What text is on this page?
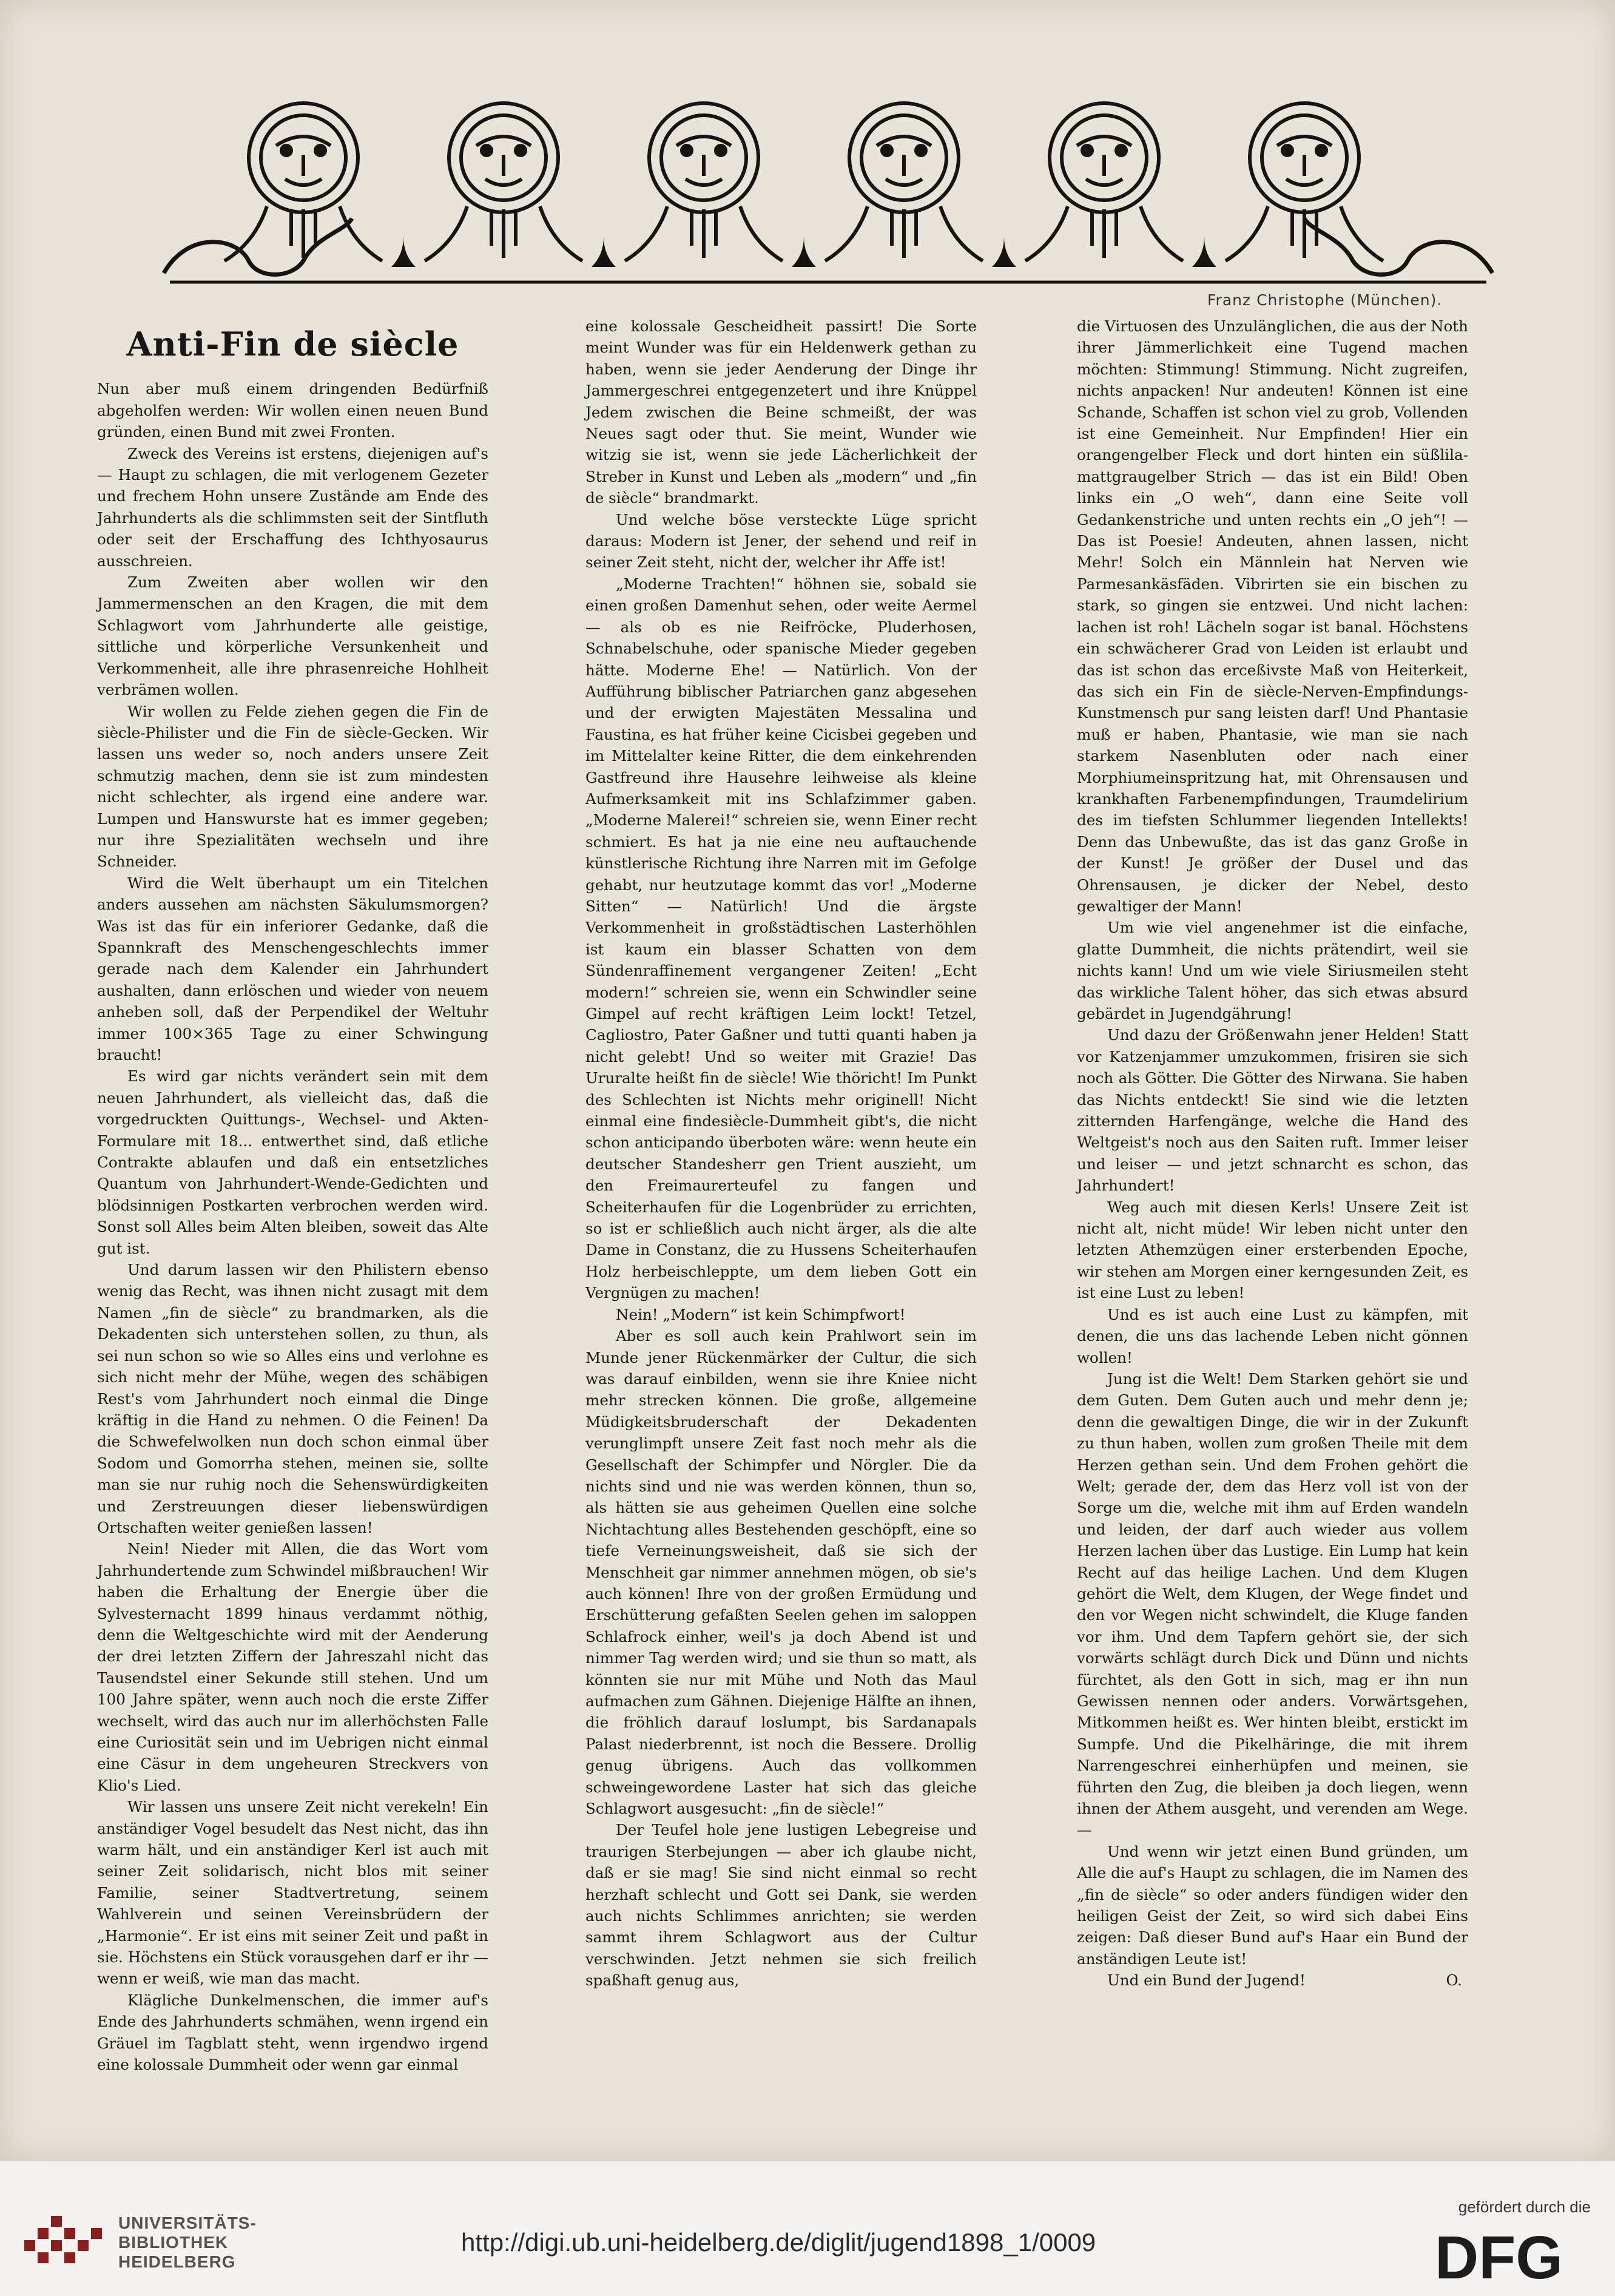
Franz Christophe (München).
Anti-Fin de siècle

Nun aber muß einem dringenden Bedürfniß abgeholfen werden: Wir wollen einen neuen Bund gründen, einen Bund mit zwei Fronten.

Zweck des Vereins ist erstens, diejenigen auf's — Haupt zu schlagen, die mit verlogenem Gezeter und frechem Hohn unsere Zustände am Ende des Jahrhunderts als die schlimmsten seit der Sintfluth oder seit der Erschaffung des Ichthyosaurus ausschreien.

Zum Zweiten aber wollen wir den Jammermenschen an den Kragen, die mit dem Schlagwort vom Jahrhunderte alle geistige, sittliche und körperliche Versunkenheit und Verkommenheit, alle ihre phrasenreiche Hohlheit verbrämen wollen.

Wir wollen zu Felde ziehen gegen die Fin de siècle-Philister und die Fin de siècle-Gecken. Wir lassen uns weder so, noch anders unsere Zeit schmutzig machen, denn sie ist zum mindesten nicht schlechter, als irgend eine andere war. Lumpen und Hanswurste hat es immer gegeben; nur ihre Spezialitäten wechseln und ihre Schneider.

Wird die Welt überhaupt um ein Titelchen anders aussehen am nächsten Säkulumsmorgen? Was ist das für ein inferiorer Gedanke, daß die Spannkraft des Menschengeschlechts immer gerade nach dem Kalender ein Jahrhundert aushalten, dann erlöschen und wieder von neuem anheben soll, daß der Perpendikel der Weltuhr immer 100×365 Tage zu einer Schwingung braucht!

Es wird gar nichts verändert sein mit dem neuen Jahrhundert, als vielleicht das, daß die vorgedruckten Quittungs-, Wechsel- und Akten-Formulare mit 18... entwerthet sind, daß etliche Contrakte ablaufen und daß ein entsetzliches Quantum von Jahrhundert-Wende-Gedichten und blödsinnigen Postkarten verbrochen werden wird. Sonst soll Alles beim Alten bleiben, soweit das Alte gut ist.

Und darum lassen wir den Philistern ebenso wenig das Recht, was ihnen nicht zusagt mit dem Namen „fin de siècle“ zu brandmarken, als die Dekadenten sich unterstehen sollen, zu thun, als sei nun schon so wie so Alles eins und verlohne es sich nicht mehr der Mühe, wegen des schäbigen Rest's vom Jahrhundert noch einmal die Dinge kräftig in die Hand zu nehmen. O die Feinen! Da die Schwefelwolken nun doch schon einmal über Sodom und Gomorrha stehen, meinen sie, sollte man sie nur ruhig noch die Sehenswürdigkeiten und Zerstreuungen dieser liebenswürdigen Ortschaften weiter genießen lassen!

Nein! Nieder mit Allen, die das Wort vom Jahrhundertende zum Schwindel mißbrauchen! Wir haben die Erhaltung der Energie über die Sylvesternacht 1899 hinaus verdammt nöthig, denn die Weltgeschichte wird mit der Aenderung der drei letzten Ziffern der Jahreszahl nicht das Tausendstel einer Sekunde still stehen. Und um 100 Jahre später, wenn auch noch die erste Ziffer wechselt, wird das auch nur im allerhöchsten Falle eine Curiosität sein und im Uebrigen nicht einmal eine Cäsur in dem ungeheuren Streckvers von Klio's Lied.

Wir lassen uns unsere Zeit nicht verekeln! Ein anständiger Vogel besudelt das Nest nicht, das ihn warm hält, und ein anständiger Kerl ist auch mit seiner Zeit solidarisch, nicht blos mit seiner Familie, seiner Stadtvertretung, seinem Wahlverein und seinen Vereinsbrüdern der „Harmonie“. Er ist eins mit seiner Zeit und paßt in sie. Höchstens ein Stück vorausgehen darf er ihr — wenn er weiß, wie man das macht.

Klägliche Dunkelmenschen, die immer auf's Ende des Jahrhunderts schmähen, wenn irgend ein Gräuel im Tagblatt steht, wenn irgendwo irgend eine kolossale Dummheit oder wenn gar einmal

eine kolossale Gescheidheit passirt! Die Sorte meint Wunder was für ein Heldenwerk gethan zu haben, wenn sie jeder Aenderung der Dinge ihr Jammergeschrei entgegenzetert und ihre Knüppel Jedem zwischen die Beine schmeißt, der was Neues sagt oder thut. Sie meint, Wunder wie witzig sie ist, wenn sie jede Lächerlichkeit der Streber in Kunst und Leben als „modern“ und „fin de siècle“ brandmarkt.

Und welche böse versteckte Lüge spricht daraus: Modern ist Jener, der sehend und reif in seiner Zeit steht, nicht der, welcher ihr Affe ist!

„Moderne Trachten!“ höhnen sie, sobald sie einen großen Damenhut sehen, oder weite Aermel — als ob es nie Reifröcke, Pluderhosen, Schnabelschuhe, oder spanische Mieder gegeben hätte. Moderne Ehe! — Natürlich. Von der Aufführung biblischer Patriarchen ganz abgesehen und der erwigten Majestäten Messalina und Faustina, es hat früher keine Cicisbei gegeben und im Mittelalter keine Ritter, die dem einkehrenden Gastfreund ihre Hausehre leihweise als kleine Aufmerksamkeit mit ins Schlafzimmer gaben. „Moderne Malerei!“ schreien sie, wenn Einer recht schmiert. Es hat ja nie eine neu auftauchende künstlerische Richtung ihre Narren mit im Gefolge gehabt, nur heutzutage kommt das vor! „Moderne Sitten“ — Natürlich! Und die ärgste Verkommenheit in großstädtischen Lasterhöhlen ist kaum ein blasser Schatten von dem Sündenraffinement vergangener Zeiten! „Echt modern!“ schreien sie, wenn ein Schwindler seine Gimpel auf recht kräftigen Leim lockt! Tetzel, Cagliostro, Pater Gaßner und tutti quanti haben ja nicht gelebt! Und so weiter mit Grazie! Das Ururalte heißt fin de siècle! Wie thöricht! Im Punkt des Schlechten ist Nichts mehr originell! Nicht einmal eine findesiècle-Dummheit gibt's, die nicht schon anticipando überboten wäre: wenn heute ein deutscher Standesherr gen Trient auszieht, um den Freimaurerteufel zu fangen und Scheiterhaufen für die Logenbrüder zu errichten, so ist er schließlich auch nicht ärger, als die alte Dame in Constanz, die zu Hussens Scheiterhaufen Holz herbeischleppte, um dem lieben Gott ein Vergnügen zu machen!

Nein! „Modern“ ist kein Schimpfwort!

Aber es soll auch kein Prahlwort sein im Munde jener Rückenmärker der Cultur, die sich was darauf einbilden, wenn sie ihre Kniee nicht mehr strecken können. Die große, allgemeine Müdigkeitsbruderschaft der Dekadenten verunglimpft unsere Zeit fast noch mehr als die Gesellschaft der Schimpfer und Nörgler. Die da nichts sind und nie was werden können, thun so, als hätten sie aus geheimen Quellen eine solche Nichtachtung alles Bestehenden geschöpft, eine so tiefe Verneinungsweisheit, daß sie sich der Menschheit gar nimmer annehmen mögen, ob sie's auch können! Ihre von der großen Ermüdung und Erschütterung gefaßten Seelen gehen im saloppen Schlafrock einher, weil's ja doch Abend ist und nimmer Tag werden wird; und sie thun so matt, als könnten sie nur mit Mühe und Noth das Maul aufmachen zum Gähnen. Diejenige Hälfte an ihnen, die fröhlich darauf loslumpt, bis Sardanapals Palast niederbrennt, ist noch die Bessere. Drollig genug übrigens. Auch das vollkommen schweingewordene Laster hat sich das gleiche Schlagwort ausgesucht: „fin de siècle!“

Der Teufel hole jene lustigen Lebegreise und traurigen Sterbejungen — aber ich glaube nicht, daß er sie mag! Sie sind nicht einmal so recht herzhaft schlecht und Gott sei Dank, sie werden auch nichts Schlimmes anrichten; sie werden sammt ihrem Schlagwort aus der Cultur verschwinden. Jetzt nehmen sie sich freilich spaßhaft genug aus,

die Virtuosen des Unzulänglichen, die aus der Noth ihrer Jämmerlichkeit eine Tugend machen möchten: Stimmung! Stimmung. Nicht zugreifen, nichts anpacken! Nur andeuten! Können ist eine Schande, Schaffen ist schon viel zu grob, Vollenden ist eine Gemeinheit. Nur Empfinden! Hier ein orangengelber Fleck und dort hinten ein süßlila-mattgraugelber Strich — das ist ein Bild! Oben links ein „O weh“, dann eine Seite voll Gedankenstriche und unten rechts ein „O jeh“! — Das ist Poesie! Andeuten, ahnen lassen, nicht Mehr! Solch ein Männlein hat Nerven wie Parmesankäsfäden. Vibrirten sie ein bischen zu stark, so gingen sie entzwei. Und nicht lachen: lachen ist roh! Lächeln sogar ist banal. Höchstens ein schwächerer Grad von Leiden ist erlaubt und das ist schon das erceßivste Maß von Heiterkeit, das sich ein Fin de siècle-Nerven-Empfindungs-Kunstmensch pur sang leisten darf! Und Phantasie muß er haben, Phantasie, wie man sie nach starkem Nasenbluten oder nach einer Morphiumeinspritzung hat, mit Ohrensausen und krankhaften Farbenempfindungen, Traumdelirium des im tiefsten Schlummer liegenden Intellekts! Denn das Unbewußte, das ist das ganz Große in der Kunst! Je größer der Dusel und das Ohrensausen, je dicker der Nebel, desto gewaltiger der Mann!

Um wie viel angenehmer ist die einfache, glatte Dummheit, die nichts prätendirt, weil sie nichts kann! Und um wie viele Siriusmeilen steht das wirkliche Talent höher, das sich etwas absurd gebärdet in Jugendgährung!

Und dazu der Größenwahn jener Helden! Statt vor Katzenjammer umzukommen, frisiren sie sich noch als Götter. Die Götter des Nirwana. Sie haben das Nichts entdeckt! Sie sind wie die letzten zitternden Harfengänge, welche die Hand des Weltgeist's noch aus den Saiten ruft. Immer leiser und leiser — und jetzt schnarcht es schon, das Jahrhundert!

Weg auch mit diesen Kerls! Unsere Zeit ist nicht alt, nicht müde! Wir leben nicht unter den letzten Athemzügen einer ersterbenden Epoche, wir stehen am Morgen einer kerngesunden Zeit, es ist eine Lust zu leben!

Und es ist auch eine Lust zu kämpfen, mit denen, die uns das lachende Leben nicht gönnen wollen!

Jung ist die Welt! Dem Starken gehört sie und dem Guten. Dem Guten auch und mehr denn je; denn die gewaltigen Dinge, die wir in der Zukunft zu thun haben, wollen zum großen Theile mit dem Herzen gethan sein. Und dem Frohen gehört die Welt; gerade der, dem das Herz voll ist von der Sorge um die, welche mit ihm auf Erden wandeln und leiden, der darf auch wieder aus vollem Herzen lachen über das Lustige. Ein Lump hat kein Recht auf das heilige Lachen. Und dem Klugen gehört die Welt, dem Klugen, der Wege findet und den vor Wegen nicht schwindelt, die Kluge fanden vor ihm. Und dem Tapfern gehört sie, der sich vorwärts schlägt durch Dick und Dünn und nichts fürchtet, als den Gott in sich, mag er ihn nun Gewissen nennen oder anders. Vorwärtsgehen, Mitkommen heißt es. Wer hinten bleibt, erstickt im Sumpfe. Und die Pikelhäringe, die mit ihrem Narrengeschrei einherhüpfen und meinen, sie führten den Zug, die bleiben ja doch liegen, wenn ihnen der Athem ausgeht, und verenden am Wege. —

Und wenn wir jetzt einen Bund gründen, um Alle die auf's Haupt zu schlagen, die im Namen des „fin de siècle“ so oder anders fündigen wider den heiligen Geist der Zeit, so wird sich dabei Eins zeigen: Daß dieser Bund auf's Haar ein Bund der anständigen Leute ist!

Und ein Bund der Jugend!	O.

UNIVERSITÄTS-
BIBLIOTHEK
HEIDELBERG
http://digi.ub.uni-heidelberg.de/diglit/jugend1898_1/0009
gefördert durch die
DFG
